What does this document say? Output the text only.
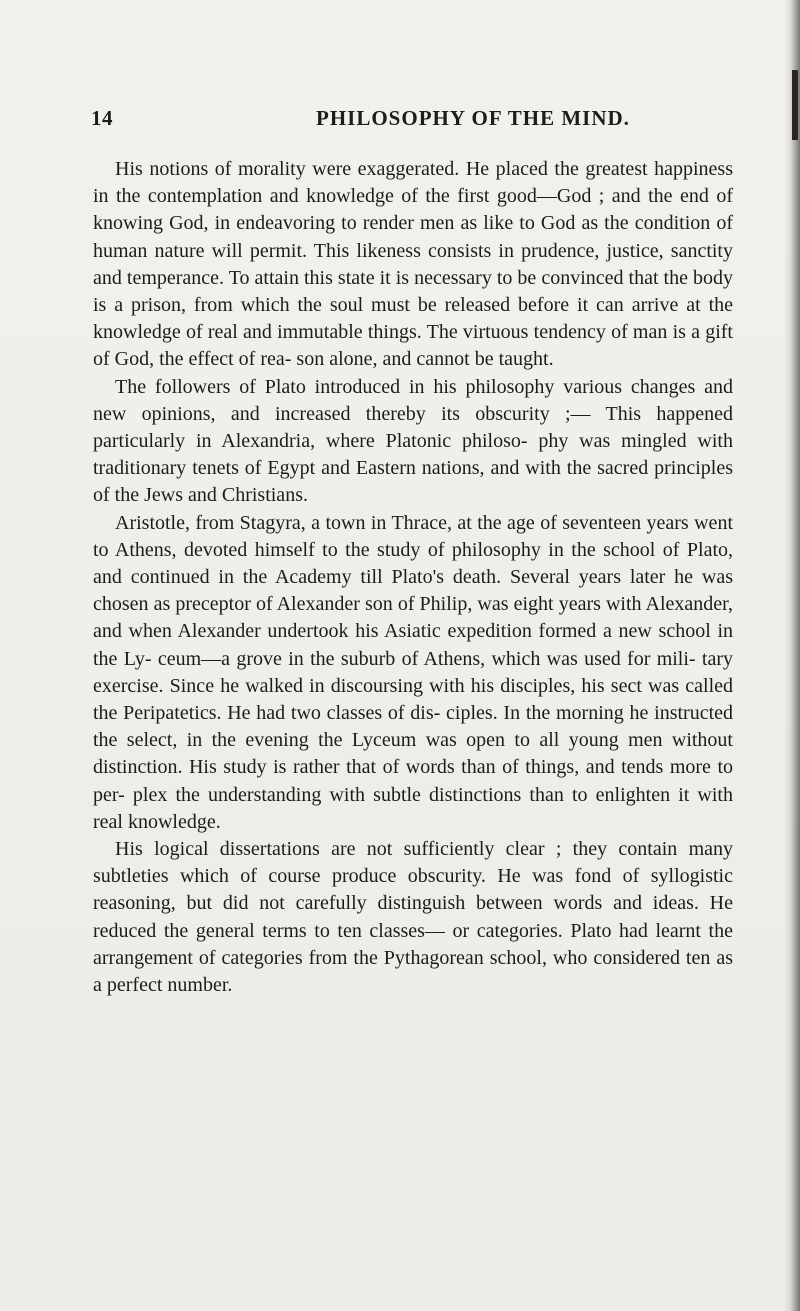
14	PHILOSOPHY OF THE MIND.

His notions of morality were exaggerated. He placed the greatest happiness in the contemplation and knowledge of the first good—God ; and the end of knowing God, in endeavoring to render men as like to God as the condition of human nature will permit. This likeness consists in prudence, justice, sanctity and temperance. To attain this state it is necessary to be convinced that the body is a prison, from which the soul must be released before it can arrive at the knowledge of real and immutable things. The virtuous tendency of man is a gift of God, the effect of rea- son alone, and cannot be taught.

The followers of Plato introduced in his philosophy various changes and new opinions, and increased thereby its obscurity ;— This happened particularly in Alexandria, where Platonic philoso- phy was mingled with traditionary tenets of Egypt and Eastern nations, and with the sacred principles of the Jews and Christians.

Aristotle, from Stagyra, a town in Thrace, at the age of seventeen years went to Athens, devoted himself to the study of philosophy in the school of Plato, and continued in the Academy till Plato's death. Several years later he was chosen as preceptor of Alexander son of Philip, was eight years with Alexander, and when Alexander undertook his Asiatic expedition formed a new school in the Ly- ceum—a grove in the suburb of Athens, which was used for mili- tary exercise. Since he walked in discoursing with his disciples, his sect was called the Peripatetics. He had two classes of dis- ciples. In the morning he instructed the select, in the evening the Lyceum was open to all young men without distinction. His study is rather that of words than of things, and tends more to per- plex the understanding with subtle distinctions than to enlighten it with real knowledge.

His logical dissertations are not sufficiently clear ; they contain many subtleties which of course produce obscurity. He was fond of syllogistic reasoning, but did not carefully distinguish between words and ideas. He reduced the general terms to ten classes— or categories. Plato had learnt the arrangement of categories from the Pythagorean school, who considered ten as a perfect number.
